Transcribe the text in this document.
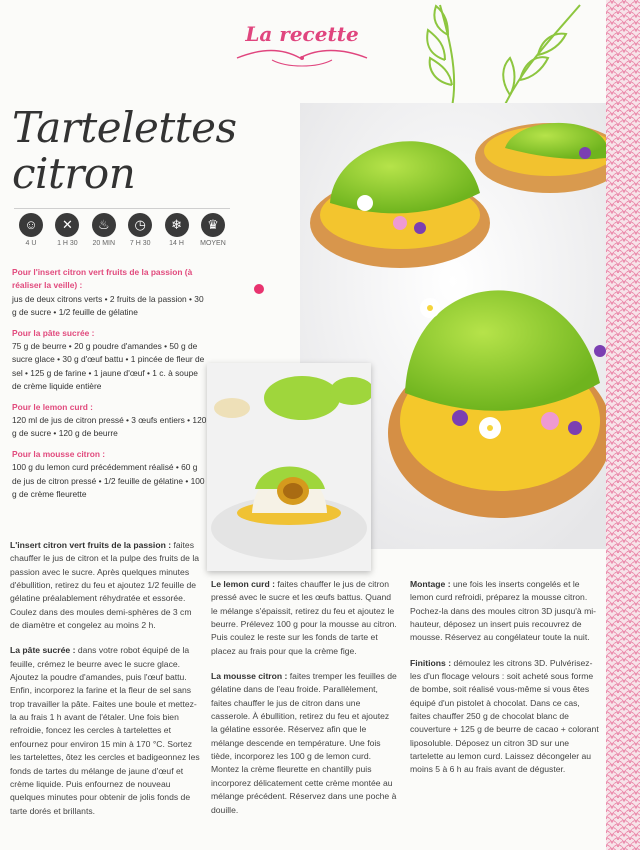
La recette
Tartelettes
citron
☺
4 U
✕
1 H 30
♨
20 MIN
◷
7 H 30
❄
14 H
♛
MOYEN
Pour l'insert citron vert fruits de la passion (à réaliser la veille) :

jus de deux citrons verts • 2 fruits de la passion • 30 g de sucre • 1/2 feuille de gélatine

Pour la pâte sucrée :

75 g de beurre • 20 g poudre d'amandes • 50 g de sucre glace • 30 g d'œuf battu • 1 pincée de fleur de sel • 125 g de farine • 1 jaune d'œuf • 1 c. à soupe de crème liquide entière

Pour le lemon curd :

120 ml de jus de citron pressé • 3 œufs entiers • 120 g de sucre • 120 g de beurre

Pour la mousse citron :

100 g du lemon curd précédemment réalisé • 60 g de jus de citron pressé • 1/2 feuille de gélatine • 100 g de crème fleurette

L'insert citron vert fruits de la passion : faites chauffer le jus de citron et la pulpe des fruits de la passion avec le sucre. Après quelques minutes d'ébullition, retirez du feu et ajoutez 1/2 feuille de gélatine préalablement réhydratée et essorée. Coulez dans des moules demi-sphères de 3 cm de diamètre et congelez au moins 2 h.

La pâte sucrée : dans votre robot équipé de la feuille, crémez le beurre avec le sucre glace. Ajoutez la poudre d'amandes, puis l'œuf battu. Enfin, incorporez la farine et la fleur de sel sans trop travailler la pâte. Faites une boule et mettez-la au frais 1 h avant de l'étaler. Une fois bien refroidie, foncez les cercles à tartelettes et enfournez pour environ 15 min à 170 °C. Sortez les tartelettes, ôtez les cercles et badigeonnez les fonds de tartes du mélange de jaune d'œuf et crème liquide. Puis enfournez de nouveau quelques minutes pour obtenir de jolis fonds de tarte dorés et brillants.

Le lemon curd : faites chauffer le jus de citron pressé avec le sucre et les œufs battus. Quand le mélange s'épaissit, retirez du feu et ajoutez le beurre. Prélevez 100 g pour la mousse au citron. Puis coulez le reste sur les fonds de tarte et placez au frais pour que la crème fige.

La mousse citron : faites tremper les feuilles de gélatine dans de l'eau froide. Parallèlement, faites chauffer le jus de citron dans une casserole. À ébullition, retirez du feu et ajoutez la gélatine essorée. Réservez afin que le mélange descende en température. Une fois tiède, incorporez les 100 g de lemon curd. Montez la crème fleurette en chantilly puis incorporez délicatement cette crème montée au mélange précédent. Réservez dans une poche à douille.

Montage : une fois les inserts congelés et le lemon curd refroidi, préparez la mousse citron. Pochez-la dans des moules citron 3D jusqu'à mi-hauteur, déposez un insert puis recouvrez de mousse. Réservez au congélateur toute la nuit.

Finitions : démoulez les citrons 3D. Pulvérisez-les d'un flocage velours : soit acheté sous forme de bombe, soit réalisé vous-même si vous êtes équipé d'un pistolet à chocolat. Dans ce cas, faites chauffer 250 g de chocolat blanc de couverture + 125 g de beurre de cacao + colorant liposoluble. Déposez un citron 3D sur une tartelette au lemon curd. Laissez décongeler au moins 5 à 6 h au frais avant de déguster.
